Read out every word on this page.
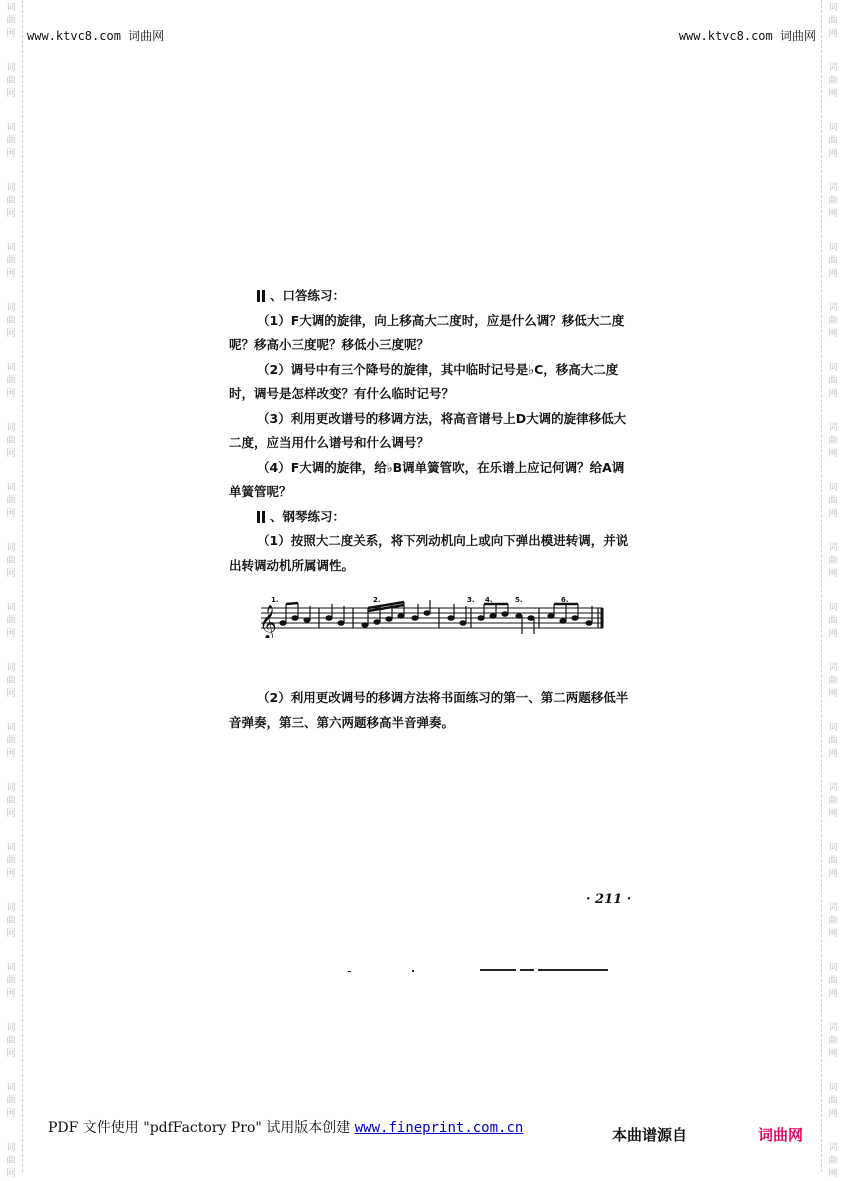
词
曲
网
词
曲
网
词
曲
网
词
曲
网
词
曲
网
词
曲
网
词
曲
网
词
曲
网
词
曲
网
词
曲
网
词
曲
网
词
曲
网
词
曲
网
词
曲
网
词
曲
网
词
曲
网
词
曲
网
词
曲
网
词
曲
网
词
曲
网
词
曲
网
词
曲
网
词
曲
网
词
曲
网
词
曲
网
词
曲
网
词
曲
网
词
曲
网
词
曲
网
词
曲
网
词
曲
网
词
曲
网
词
曲
网
词
曲
网
词
曲
网
词
曲
网
词
曲
网
词
曲
网
词
曲
网
词
曲
网
www.ktvc8.com 词曲网	www.ktvc8.com 词曲网

、口答练习：

（1）F大调的旋律，向上移高大二度时，应是什么调？移低大二度呢？移高小三度呢？移低小三度呢？

（2）调号中有三个降号的旋律，其中临时记号是♭C，移高大二度时，调号是怎样改变？有什么临时记号？

（3）利用更改谱号的移调方法，将高音谱号上D大调的旋律移低大二度，应当用什么谱号和什么调号？

（4）F大调的旋律，给♭B调单簧管吹，在乐谱上应记何调？给A调单簧管呢？

、钢琴练习：

（1）按照大二度关系，将下列动机向上或向下弹出模进转调，并说出转调动机所属调性。

（2）利用更改调号的移调方法将书面练习的第一、第二两题移低半音弹奏，第三、第六两题移高半音弹奏。

𝄞
1.	2.	3. 4.	5.	6.
· 211 ·
PDF 文件使用 "pdfFactory Pro" 试用版本创建 www.fineprint.com.cn	本曲谱源自	词曲网
